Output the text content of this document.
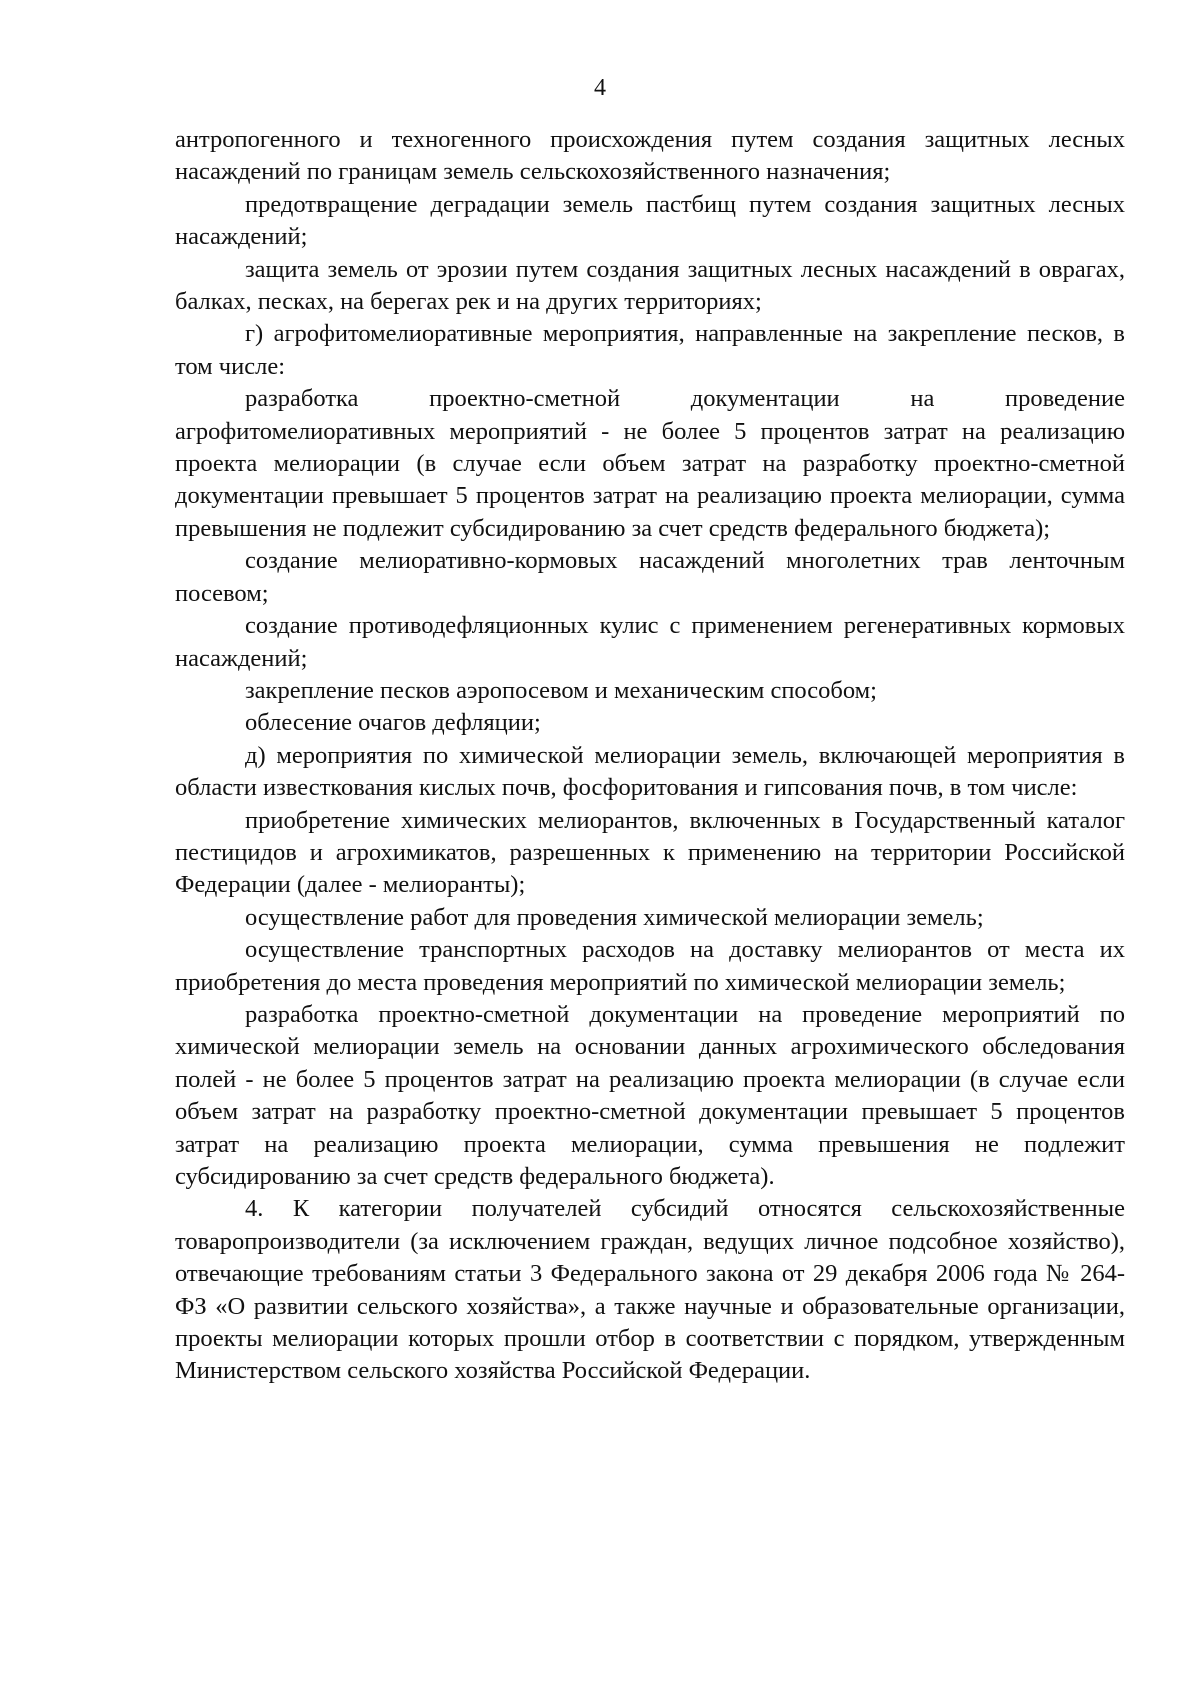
4

антропогенного и техногенного происхождения путем создания защитных лесных насаждений по границам земель сельскохозяйственного назначения;

предотвращение деградации земель пастбищ путем создания защитных лесных насаждений;

защита земель от эрозии путем создания защитных лесных насаждений в оврагах, балках, песках, на берегах рек и на других территориях;

г) агрофитомелиоративные мероприятия, направленные на закрепление песков, в том числе:

разработка проектно-сметной документации на проведение агрофитомелиоративных мероприятий - не более 5 процентов затрат на реализацию проекта мелиорации (в случае если объем затрат на разработку проектно-сметной документации превышает 5 процентов затрат на реализацию проекта мелиорации, сумма превышения не подлежит субсидированию за счет средств федерального бюджета);

создание мелиоративно-кормовых насаждений многолетних трав ленточным посевом;

создание противодефляционных кулис с применением регенеративных кормовых насаждений;

закрепление песков аэропосевом и механическим способом;

облесение очагов дефляции;

д) мероприятия по химической мелиорации земель, включающей мероприятия в области известкования кислых почв, фосфоритования и гипсования почв, в том числе:

приобретение химических мелиорантов, включенных в Государственный каталог пестицидов и агрохимикатов, разрешенных к применению на территории Российской Федерации (далее - мелиоранты);

осуществление работ для проведения химической мелиорации земель;

осуществление транспортных расходов на доставку мелиорантов от места их приобретения до места проведения мероприятий по химической мелиорации земель;

разработка проектно-сметной документации на проведение мероприятий по химической мелиорации земель на основании данных агрохимического обследования полей - не более 5 процентов затрат на реализацию проекта мелиорации (в случае если объем затрат на разработку проектно-сметной документации превышает 5 процентов затрат на реализацию проекта мелиорации, сумма превышения не подлежит субсидированию за счет средств федерального бюджета).

4. К категории получателей субсидий относятся сельскохозяйственные товаропроизводители (за исключением граждан, ведущих личное подсобное хозяйство), отвечающие требованиям статьи 3 Федерального закона от 29 декабря 2006 года № 264-ФЗ «О развитии сельского хозяйства», а также научные и образовательные организации, проекты мелиорации которых прошли отбор в соответствии с порядком, утвержденным Министерством сельского хозяйства Российской Федерации.
